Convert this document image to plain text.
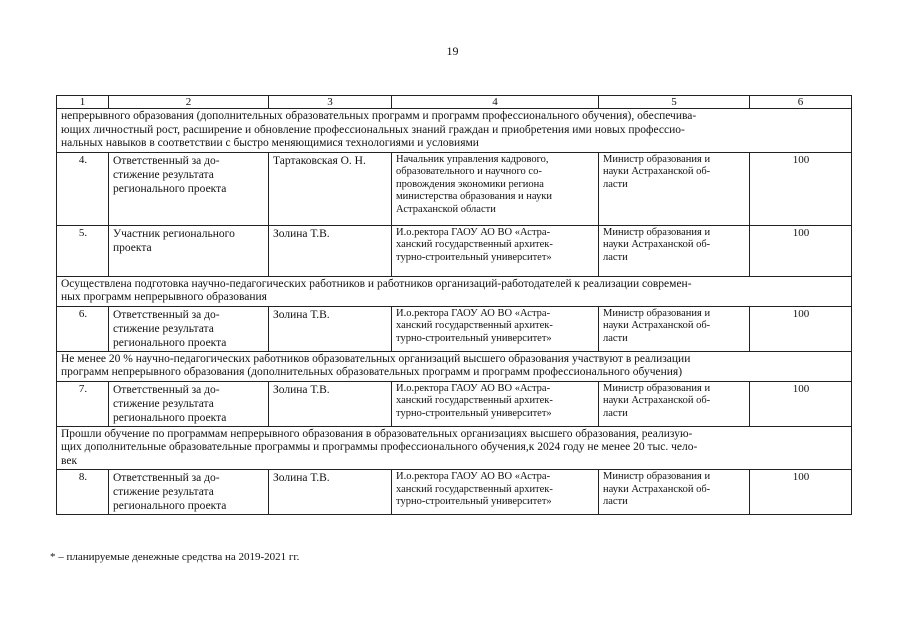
19
1	2	3	4	5	6

непрерывного образования (дополнительных образовательных программ и программ профессионального обучения), обеспечива-
ющих личностный рост, расширение и обновление профессиональных знаний граждан и приобретения ими новых профессио-
нальных навыков в соответствии с быстро меняющимися технологиями и условиями					

4.	Ответственный за до-
стижение результата
регионального проекта	Тартаковская О. Н.	Начальник управления кадрового,
образовательного и научного со-
провождения экономики региона
министерства образования и науки
Астраханской области	Министр образования и
науки Астраханской об-
ласти	100
5.	Участник регионального
проекта	Золина Т.В.	И.о.ректора ГАОУ АО ВО «Астра-
ханский государственный архитек-
турно-строительный университет»	Министр образования и
науки Астраханской об-
ласти	100

Осуществлена подготовка научно-педагогических работников и работников организаций-работодателей к реализации современ-
ных программ непрерывного образования					

6.	Ответственный за до-
стижение результата
регионального проекта	Золина Т.В.	И.о.ректора ГАОУ АО ВО «Астра-
ханский государственный архитек-
турно-строительный университет»	Министр образования и
науки Астраханской об-
ласти	100

Не менее 20 % научно-педагогических работников образовательных организаций высшего образования участвуют в реализации
программ непрерывного образования (дополнительных образовательных программ и программ профессионального обучения)					

7.	Ответственный за до-
стижение результата
регионального проекта	Золина Т.В.	И.о.ректора ГАОУ АО ВО «Астра-
ханский государственный архитек-
турно-строительный университет»	Министр образования и
науки Астраханской об-
ласти	100

Прошли обучение по программам непрерывного образования в образовательных организациях высшего образования, реализую-
щих дополнительные образовательные программы и программы профессионального обучения,к 2024 году не менее 20 тыс. чело-
век					

8.	Ответственный за до-
стижение результата
регионального проекта	Золина Т.В.	И.о.ректора ГАОУ АО ВО «Астра-
ханский государственный архитек-
турно-строительный университет»	Министр образования и
науки Астраханской об-
ласти	100
* – планируемые денежные средства на 2019-2021 гг.
